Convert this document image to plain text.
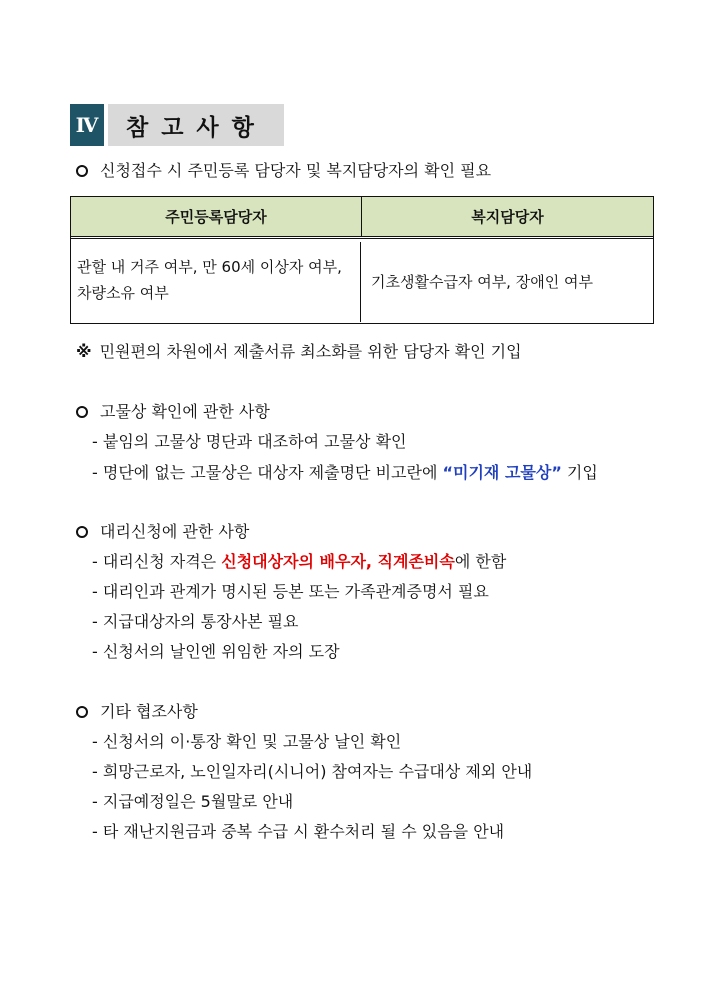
Ⅳ	참고사항
신청접수 시 주민등록 담당자 및 복지담당자의 확인 필요
주민등록담당자	복지담당자
관할 내 거주 여부, 만 60세 이상자 여부, 차량소유 여부
기초생활수급자 여부, 장애인 여부
※ 민원편의 차원에서 제출서류 최소화를 위한 담당자 확인 기입
고물상 확인에 관한 사항
- 붙임의 고물상 명단과 대조하여 고물상 확인
- 명단에 없는 고물상은 대상자 제출명단 비고란에 “미기재 고물상” 기입
대리신청에 관한 사항
- 대리신청 자격은 신청대상자의 배우자, 직계존비속에 한함
- 대리인과 관계가 명시된 등본 또는 가족관계증명서 필요
- 지급대상자의 통장사본 필요
- 신청서의 날인엔 위임한 자의 도장
기타 협조사항
- 신청서의 이·통장 확인 및 고물상 날인 확인
- 희망근로자, 노인일자리(시니어) 참여자는 수급대상 제외 안내
- 지급예정일은 5월말로 안내
- 타 재난지원금과 중복 수급 시 환수처리 될 수 있음을 안내
